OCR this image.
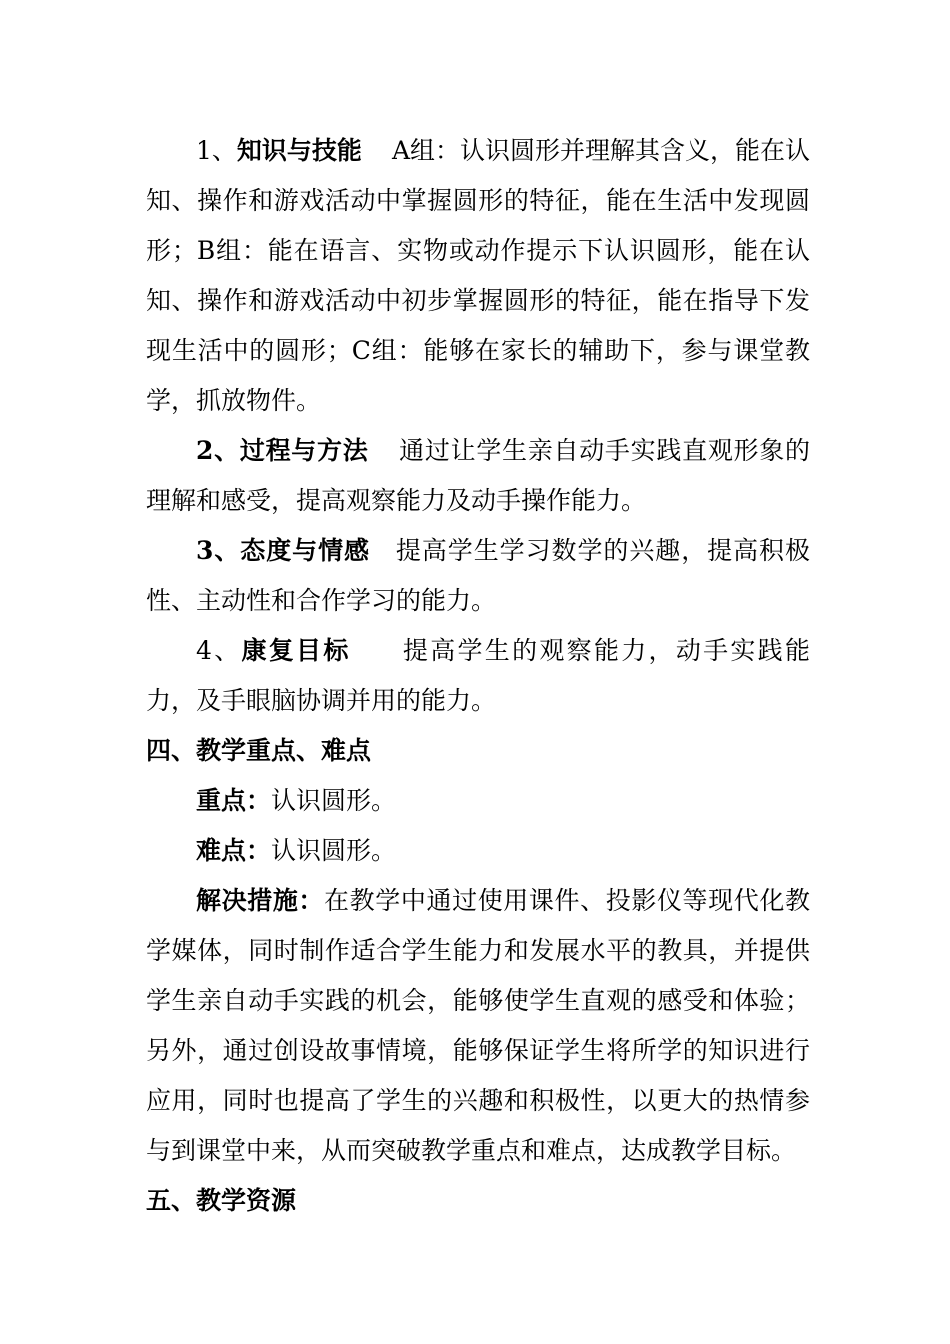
1、知识与技能 A组：认识圆形并理解其含义，能在认知、操作和游戏活动中掌握圆形的特征，能在生活中发现圆形；B组：能在语言、实物或动作提示下认识圆形，能在认知、操作和游戏活动中初步掌握圆形的特征，能在指导下发现生活中的圆形；C组：能够在家长的辅助下，参与课堂教学，抓放物件。

2、过程与方法 通过让学生亲自动手实践直观形象的理解和感受，提高观察能力及动手操作能力。

3、态度与情感 提高学生学习数学的兴趣，提高积极性、主动性和合作学习的能力。

4、康复目标 提高学生的观察能力，动手实践能力，及手眼脑协调并用的能力。

四、教学重点、难点

重点：认识圆形。

难点：认识圆形。

解决措施：在教学中通过使用课件、投影仪等现代化教学媒体，同时制作适合学生能力和发展水平的教具，并提供学生亲自动手实践的机会，能够使学生直观的感受和体验；另外，通过创设故事情境，能够保证学生将所学的知识进行应用，同时也提高了学生的兴趣和积极性，以更大的热情参与到课堂中来，从而突破教学重点和难点，达成教学目标。

五、教学资源
